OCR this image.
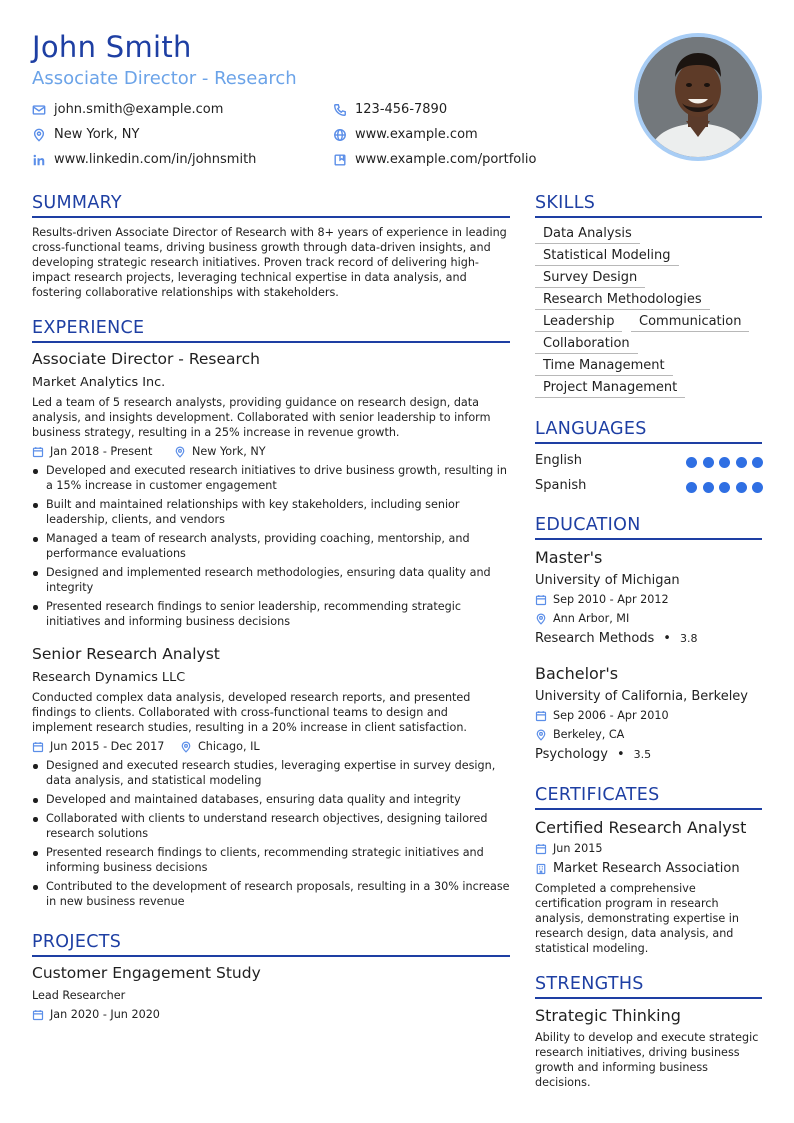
John Smith
Associate Director - Research
john.smith@example.com	123-456-7890
New York, NY	www.example.com
www.linkedin.com/in/johnsmith	www.example.com/portfolio
SUMMARY
Results-driven Associate Director of Research with 8+ years of experience in leading cross-functional teams, driving business growth through data-driven insights, and developing strategic research initiatives. Proven track record of delivering high-impact research projects, leveraging technical expertise in data analysis, and fostering collaborative relationships with stakeholders.
EXPERIENCE
Associate Director - Research
Market Analytics Inc.
Led a team of 5 research analysts, providing guidance on research design, data analysis, and insights development. Collaborated with senior leadership to inform business strategy, resulting in a 25% increase in revenue growth.
Jan 2018 - Present	New York, NY
Developed and executed research initiatives to drive business growth, resulting in a 15% increase in customer engagement
Built and maintained relationships with key stakeholders, including senior leadership, clients, and vendors
Managed a team of research analysts, providing coaching, mentorship, and performance evaluations
Designed and implemented research methodologies, ensuring data quality and integrity
Presented research findings to senior leadership, recommending strategic initiatives and informing business decisions
Senior Research Analyst
Research Dynamics LLC
Conducted complex data analysis, developed research reports, and presented findings to clients. Collaborated with cross-functional teams to design and implement research studies, resulting in a 20% increase in client satisfaction.
Jun 2015 - Dec 2017	Chicago, IL
Designed and executed research studies, leveraging expertise in survey design, data analysis, and statistical modeling
Developed and maintained databases, ensuring data quality and integrity
Collaborated with clients to understand research objectives, designing tailored research solutions
Presented research findings to clients, recommending strategic initiatives and informing business decisions
Contributed to the development of research proposals, resulting in a 30% increase in new business revenue
PROJECTS
Customer Engagement Study
Lead Researcher
Jan 2020 - Jun 2020
SKILLS
Data Analysis
Statistical Modeling
Survey Design
Research Methodologies
Leadership	Communication
Collaboration
Time Management
Project Management
LANGUAGES
English
Spanish
EDUCATION
Master's
University of Michigan
Sep 2010 - Apr 2012
Ann Arbor, MI
Research Methods • 3.8
Bachelor's
University of California, Berkeley
Sep 2006 - Apr 2010
Berkeley, CA
Psychology • 3.5
CERTIFICATES
Certified Research Analyst
Jun 2015
Market Research Association
Completed a comprehensive certification program in research analysis, demonstrating expertise in research design, data analysis, and statistical modeling.
STRENGTHS
Strategic Thinking
Ability to develop and execute strategic research initiatives, driving business growth and informing business decisions.
